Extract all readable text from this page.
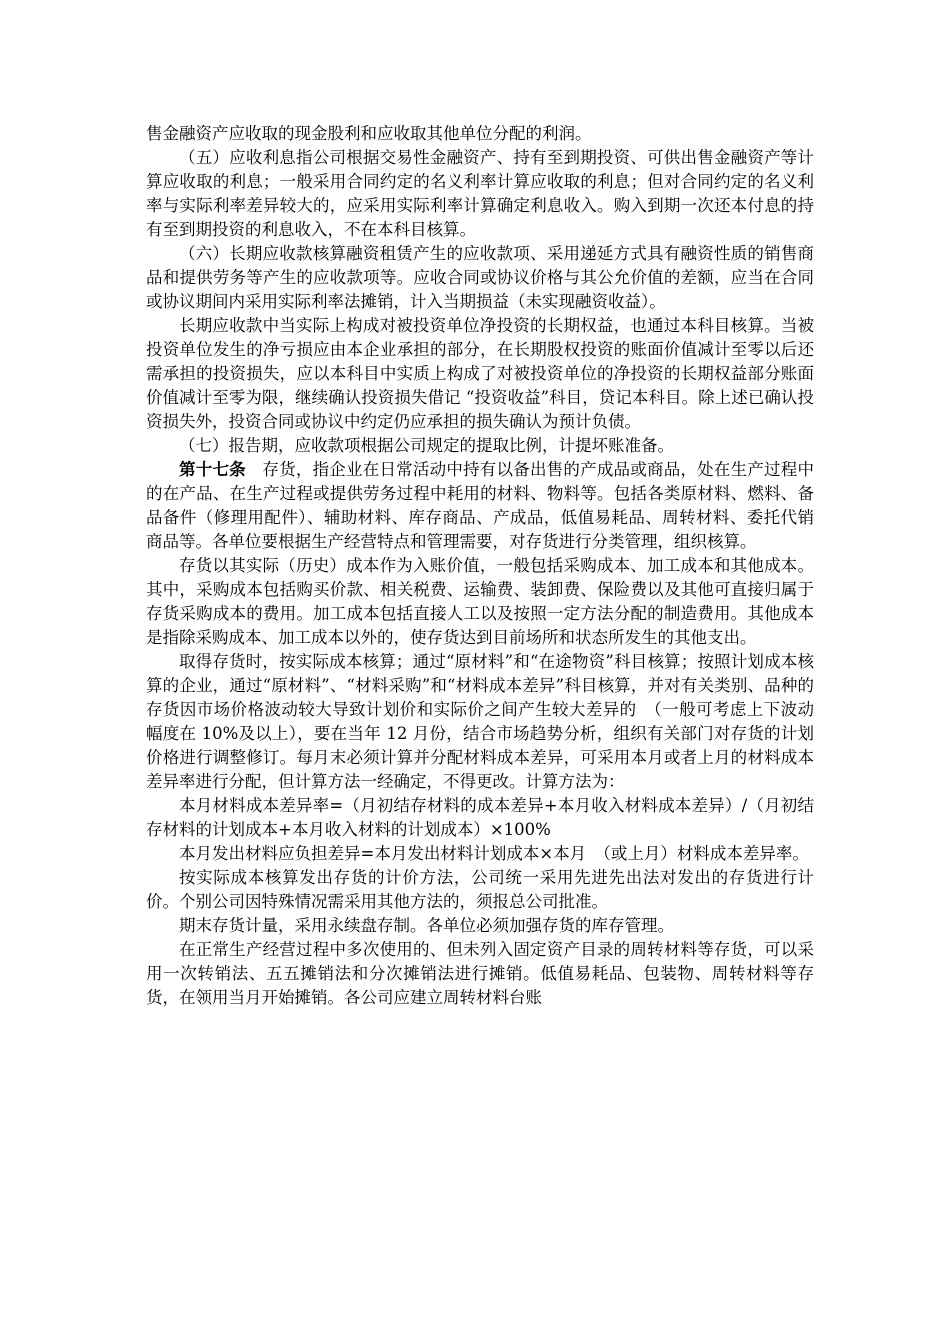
售金融资产应收取的现金股利和应收取其他单位分配的利润。

（五）应收利息指公司根据交易性金融资产、持有至到期投资、可供出售金融资产等计算应收取的利息；一般采用合同约定的名义利率计算应收取的利息；但对合同约定的名义利率与实际利率差异较大的，应采用实际利率计算确定利息收入。购入到期一次还本付息的持有至到期投资的利息收入，不在本科目核算。

（六）长期应收款核算融资租赁产生的应收款项、采用递延方式具有融资性质的销售商品和提供劳务等产生的应收款项等。应收合同或协议价格与其公允价值的差额，应当在合同或协议期间内采用实际利率法摊销，计入当期损益（未实现融资收益）。

长期应收款中当实际上构成对被投资单位净投资的长期权益，也通过本科目核算。当被投资单位发生的净亏损应由本企业承担的部分，在长期股权投资的账面价值减计至零以后还需承担的投资损失，应以本科目中实质上构成了对被投资单位的净投资的长期权益部分账面价值减计至零为限，继续确认投资损失借记 “投资收益”科目，贷记本科目。除上述已确认投资损失外，投资合同或协议中约定仍应承担的损失确认为预计负债。

（七）报告期，应收款项根据公司规定的提取比例，计提坏账准备。

第十七条 存货，指企业在日常活动中持有以备出售的产成品或商品，处在生产过程中的在产品、在生产过程或提供劳务过程中耗用的材料、物料等。包括各类原材料、燃料、备品备件（修理用配件）、辅助材料、库存商品、产成品，低值易耗品、周转材料、委托代销商品等。各单位要根据生产经营特点和管理需要，对存货进行分类管理，组织核算。

存货以其实际（历史）成本作为入账价值，一般包括采购成本、加工成本和其他成本。其中，采购成本包括购买价款、相关税费、运输费、装卸费、保险费以及其他可直接归属于存货采购成本的费用。加工成本包括直接人工以及按照一定方法分配的制造费用。其他成本是指除采购成本、加工成本以外的，使存货达到目前场所和状态所发生的其他支出。

取得存货时，按实际成本核算；通过“原材料”和“在途物资”科目核算；按照计划成本核算的企业，通过“原材料”、“材料采购”和“材料成本差异”科目核算，并对有关类别、品种的存货因市场价格波动较大导致计划价和实际价之间产生较大差异的　（一般可考虑上下波动幅度在 10%及以上），要在当年 12 月份，结合市场趋势分析，组织有关部门对存货的计划价格进行调整修订。每月末必须计算并分配材料成本差异，可采用本月或者上月的材料成本差异率进行分配，但计算方法一经确定，不得更改。计算方法为：

本月材料成本差异率=（月初结存材料的成本差异+本月收入材料成本差异）/（月初结存材料的计划成本+本月收入材料的计划成本）×100%

本月发出材料应负担差异=本月发出材料计划成本×本月　（或上月）材料成本差异率。

按实际成本核算发出存货的计价方法，公司统一采用先进先出法对发出的存货进行计价。个别公司因特殊情况需采用其他方法的，须报总公司批准。

期末存货计量，采用永续盘存制。各单位必须加强存货的库存管理。

在正常生产经营过程中多次使用的、但未列入固定资产目录的周转材料等存货，可以采用一次转销法、五五摊销法和分次摊销法进行摊销。低值易耗品、包装物、周转材料等存货，在领用当月开始摊销。各公司应建立周转材料台账
